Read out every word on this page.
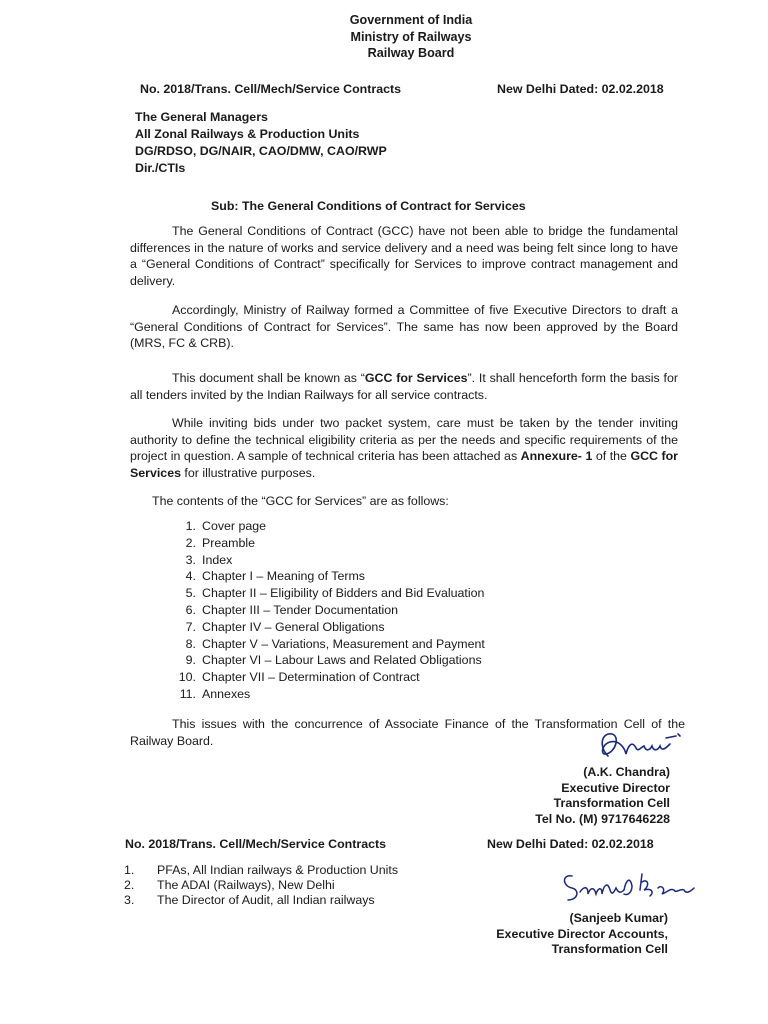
Government of India
Ministry of Railways
Railway Board
No. 2018/Trans. Cell/Mech/Service Contracts	New Delhi Dated: 02.02.2018
The General Managers
All Zonal Railways & Production Units
DG/RDSO, DG/NAIR, CAO/DMW, CAO/RWP
Dir./CTIs
Sub: The General Conditions of Contract for Services
The General Conditions of Contract (GCC) have not been able to bridge the fundamental differences in the nature of works and service delivery and a need was being felt since long to have a “General Conditions of Contract” specifically for Services to improve contract management and delivery.
Accordingly, Ministry of Railway formed a Committee of five Executive Directors to draft a “General Conditions of Contract for Services”. The same has now been approved by the Board (MRS, FC & CRB).
This document shall be known as “GCC for Services”. It shall henceforth form the basis for all tenders invited by the Indian Railways for all service contracts.
While inviting bids under two packet system, care must be taken by the tender inviting authority to define the technical eligibility criteria as per the needs and specific requirements of the project in question. A sample of technical criteria has been attached as Annexure- 1 of the GCC for Services for illustrative purposes.
The contents of the “GCC for Services” are as follows:
1. Cover page
2. Preamble
3. Index
4. Chapter I – Meaning of Terms
5. Chapter II – Eligibility of Bidders and Bid Evaluation
6. Chapter III – Tender Documentation
7. Chapter IV – General Obligations
8. Chapter V – Variations, Measurement and Payment
9. Chapter VI – Labour Laws and Related Obligations
10. Chapter VII – Determination of Contract
11. Annexes
This issues with the concurrence of Associate Finance of the Transformation Cell of the Railway Board.
(A.K. Chandra)
Executive Director
Transformation Cell
Tel No. (M) 9717646228
No. 2018/Trans. Cell/Mech/Service Contracts	New Delhi Dated: 02.02.2018
1. PFAs, All Indian railways & Production Units
2. The ADAI (Railways), New Delhi
3. The Director of Audit, all Indian railways
(Sanjeeb Kumar)
Executive Director Accounts,
Transformation Cell
